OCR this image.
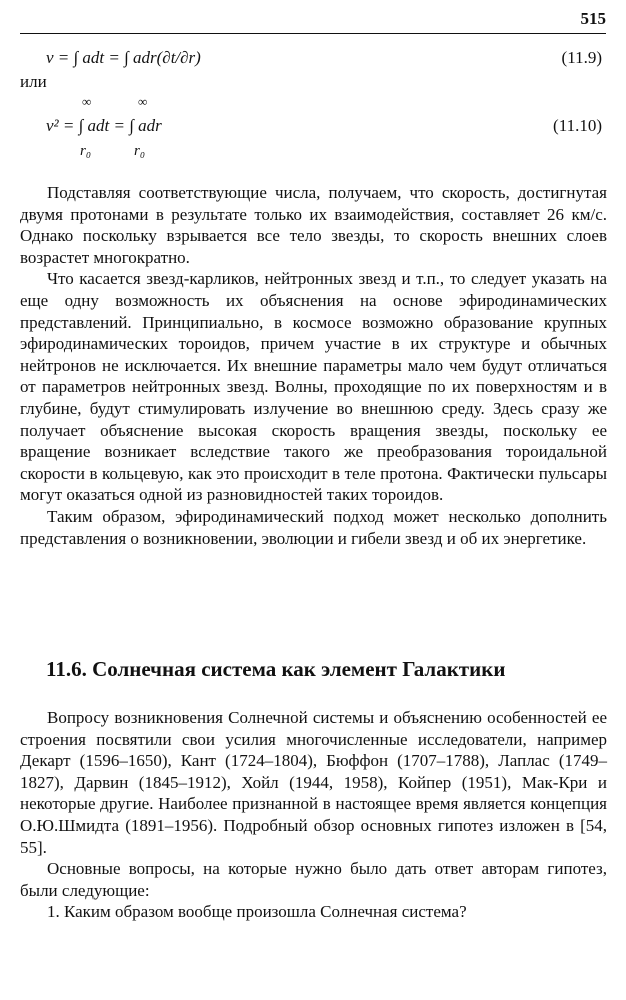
515
v = ∫ adt = ∫ adr(∂t/∂r)	(11.9)
или
∞	∞
v² = ∫ adt = ∫ adr	(11.10)
r₀	r₀

Подставляя соответствующие числа, получаем, что скорость, достигнутая двумя протонами в результате только их взаимодействия, составляет 26 км/с. Однако поскольку взрывается все тело звезды, то скорость внешних слоев возрастет многократно.

Что касается звезд-карликов, нейтронных звезд и т.п., то следует указать на еще одну возможность их объяснения на основе эфиродинамических представлений. Принципиально, в космосе возможно образование крупных эфиродинамических тороидов, причем участие в их структуре и обычных нейтронов не исключается. Их внешние параметры мало чем будут отличаться от параметров нейтронных звезд. Волны, проходящие по их поверхностям и в глубине, будут стимулировать излучение во внешнюю среду. Здесь сразу же получает объяснение высокая скорость вращения звезды, поскольку ее вращение возникает вследствие такого же преобразования тороидальной скорости в кольцевую, как это происходит в теле протона. Фактически пульсары могут оказаться одной из разновидностей таких тороидов.

Таким образом, эфиродинамический подход может несколько дополнить представления о возникновении, эволюции и гибели звезд и об их энергетике.

11.6. Солнечная система как элемент Галактики

Вопросу возникновения Солнечной системы и объяснению особенностей ее строения посвятили свои усилия многочисленные исследователи, например Декарт (1596–1650), Кант (1724–1804), Бюффон (1707–1788), Лаплас (1749–1827), Дарвин (1845–1912), Хойл (1944, 1958), Койпер (1951), Мак-Кри и некоторые другие. Наиболее признанной в настоящее время является концепция О.Ю.Шмидта (1891–1956). Подробный обзор основных гипотез изложен в [54, 55].

Основные вопросы, на которые нужно было дать ответ авторам гипотез, были следующие:

1. Каким образом вообще произошла Солнечная система?
